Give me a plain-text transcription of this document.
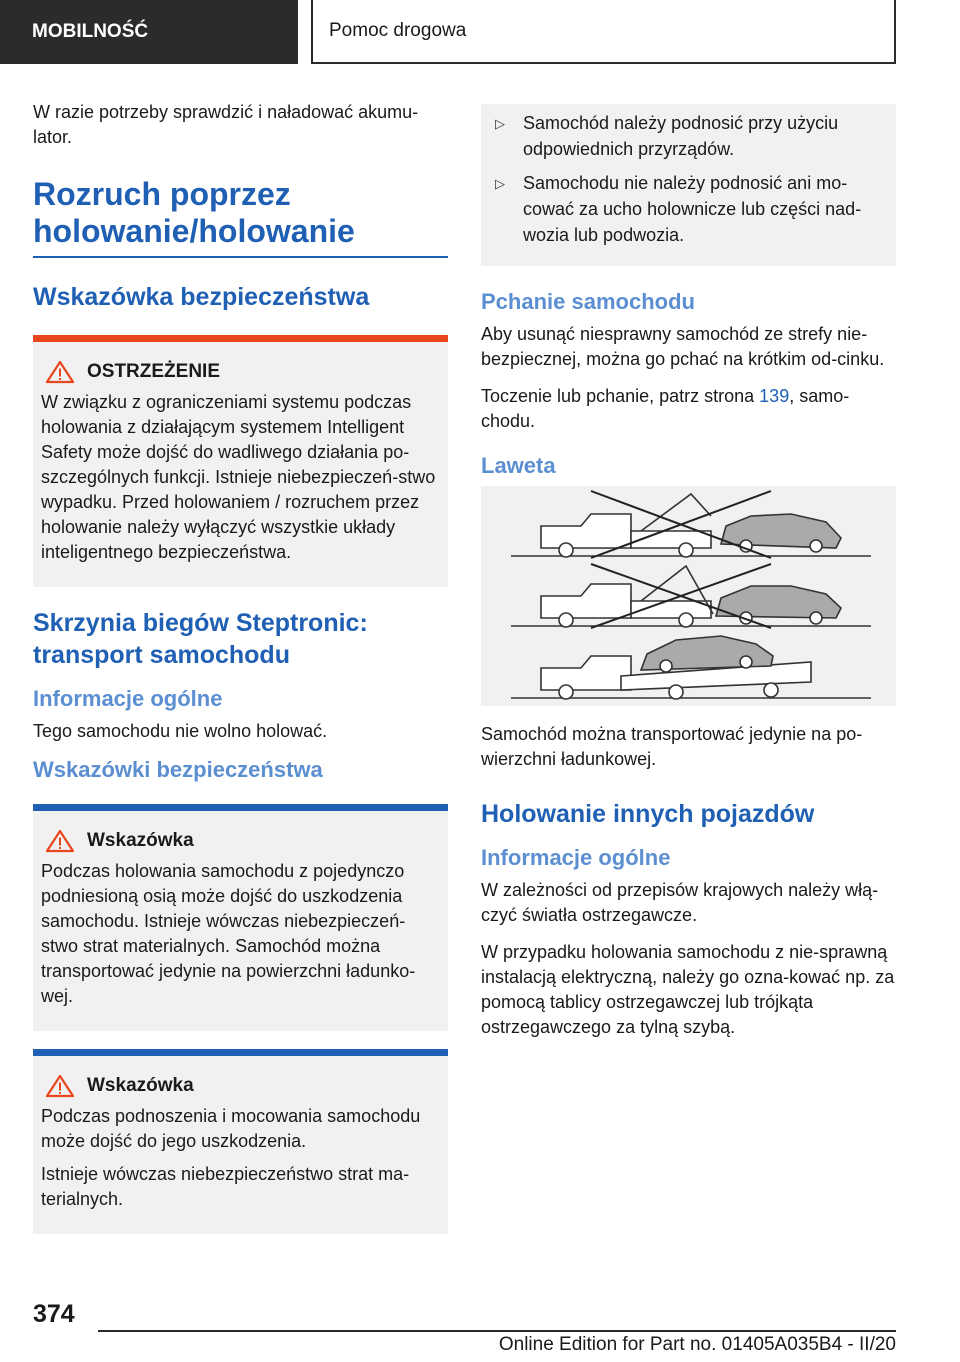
MOBILNOŚĆ	Pomoc drogowa

W razie potrzeby sprawdzić i naładować akumu-lator.

Rozruch poprzez holowanie/holowanie
Wskazówka bezpieczeństwa
OSTRZEŻENIE

W związku z ograniczeniami systemu podczas holowania z działającym systemem Intelligent Safety może dojść do wadliwego działania po-szczególnych funkcji. Istnieje niebezpieczeń-stwo wypadku. Przed holowaniem / rozruchem przez holowanie należy wyłączyć wszystkie układy inteligentnego bezpieczeństwa.

Skrzynia biegów Steptronic: transport samochodu
Informacje ogólne

Tego samochodu nie wolno holować.

Wskazówki bezpieczeństwa
Wskazówka

Podczas holowania samochodu z pojedynczo podniesioną osią może dojść do uszkodzenia samochodu. Istnieje wówczas niebezpieczeń-stwo strat materialnych. Samochód można transportować jedynie na powierzchni ładunko-wej.

Wskazówka

Podczas podnoszenia i mocowania samochodu może dojść do jego uszkodzenia.

Istnieje wówczas niebezpieczeństwo strat ma-terialnych.

▷	Samochód należy podnosić przy użyciu odpowiednich przyrządów.
▷	Samochodu nie należy podnosić ani mo-cować za ucho holownicze lub części nad-wozia lub podwozia.
Pchanie samochodu

Aby usunąć niesprawny samochód ze strefy nie-bezpiecznej, można go pchać na krótkim od-cinku.

Toczenie lub pchanie, patrz strona 139, samo-chodu.

Laweta

Samochód można transportować jedynie na po-wierzchni ładunkowej.

Holowanie innych pojazdów
Informacje ogólne

W zależności od przepisów krajowych należy włą-czyć światła ostrzegawcze.

W przypadku holowania samochodu z nie-sprawną instalacją elektryczną, należy go ozna-kować np. za pomocą tablicy ostrzegawczej lub trójkąta ostrzegawczego za tylną szybą.

374
Online Edition for Part no. 01405A035B4 - II/20
